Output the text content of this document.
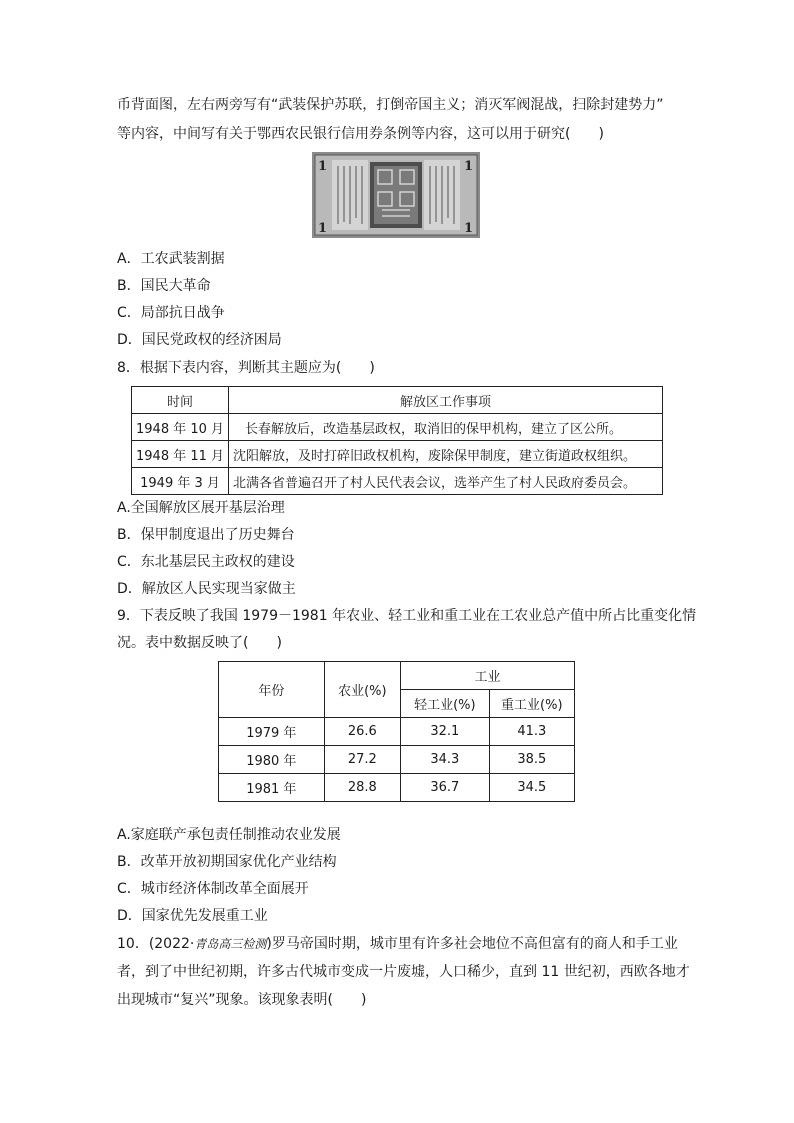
币背面图，左右两旁写有“武装保护苏联，打倒帝国主义；消灭军阀混战，扫除封建势力”
等内容，中间写有关于鄂西农民银行信用券条例等内容，这可以用于研究(　　)
1	1
1	1
A．工农武装割据
B．国民大革命
C．局部抗日战争
D．国民党政权的经济困局
8．根据下表内容，判断其主题应为(　　)
时间	解放区工作事项
1948 年 10 月	长春解放后，改造基层政权，取消旧的保甲机构，建立了区公所。
1948 年 11 月	沈阳解放，及时打碎旧政权机构，废除保甲制度，建立街道政权组织。
1949 年 3 月	北满各省普遍召开了村人民代表会议，选举产生了村人民政府委员会。
A.全国解放区展开基层治理
B．保甲制度退出了历史舞台
C．东北基层民主政权的建设
D．解放区人民实现当家做主
9．下表反映了我国 1979－1981 年农业、轻工业和重工业在工农业总产值中所占比重变化情
况。表中数据反映了(　　)
年份	农业(%)	工业	
		轻工业(%)	重工业(%)
1979 年	26.6	32.1	41.3
1980 年	27.2	34.3	38.5
1981 年	28.8	36.7	34.5
A.家庭联产承包责任制推动农业发展
B．改革开放初期国家优化产业结构
C．城市经济体制改革全面展开
D．国家优先发展重工业
10．(2022·青岛高三检测)罗马帝国时期，城市里有许多社会地位不高但富有的商人和手工业
者，到了中世纪初期，许多古代城市变成一片废墟，人口稀少，直到 11 世纪初，西欧各地才
出现城市“复兴”现象。该现象表明(　　)
